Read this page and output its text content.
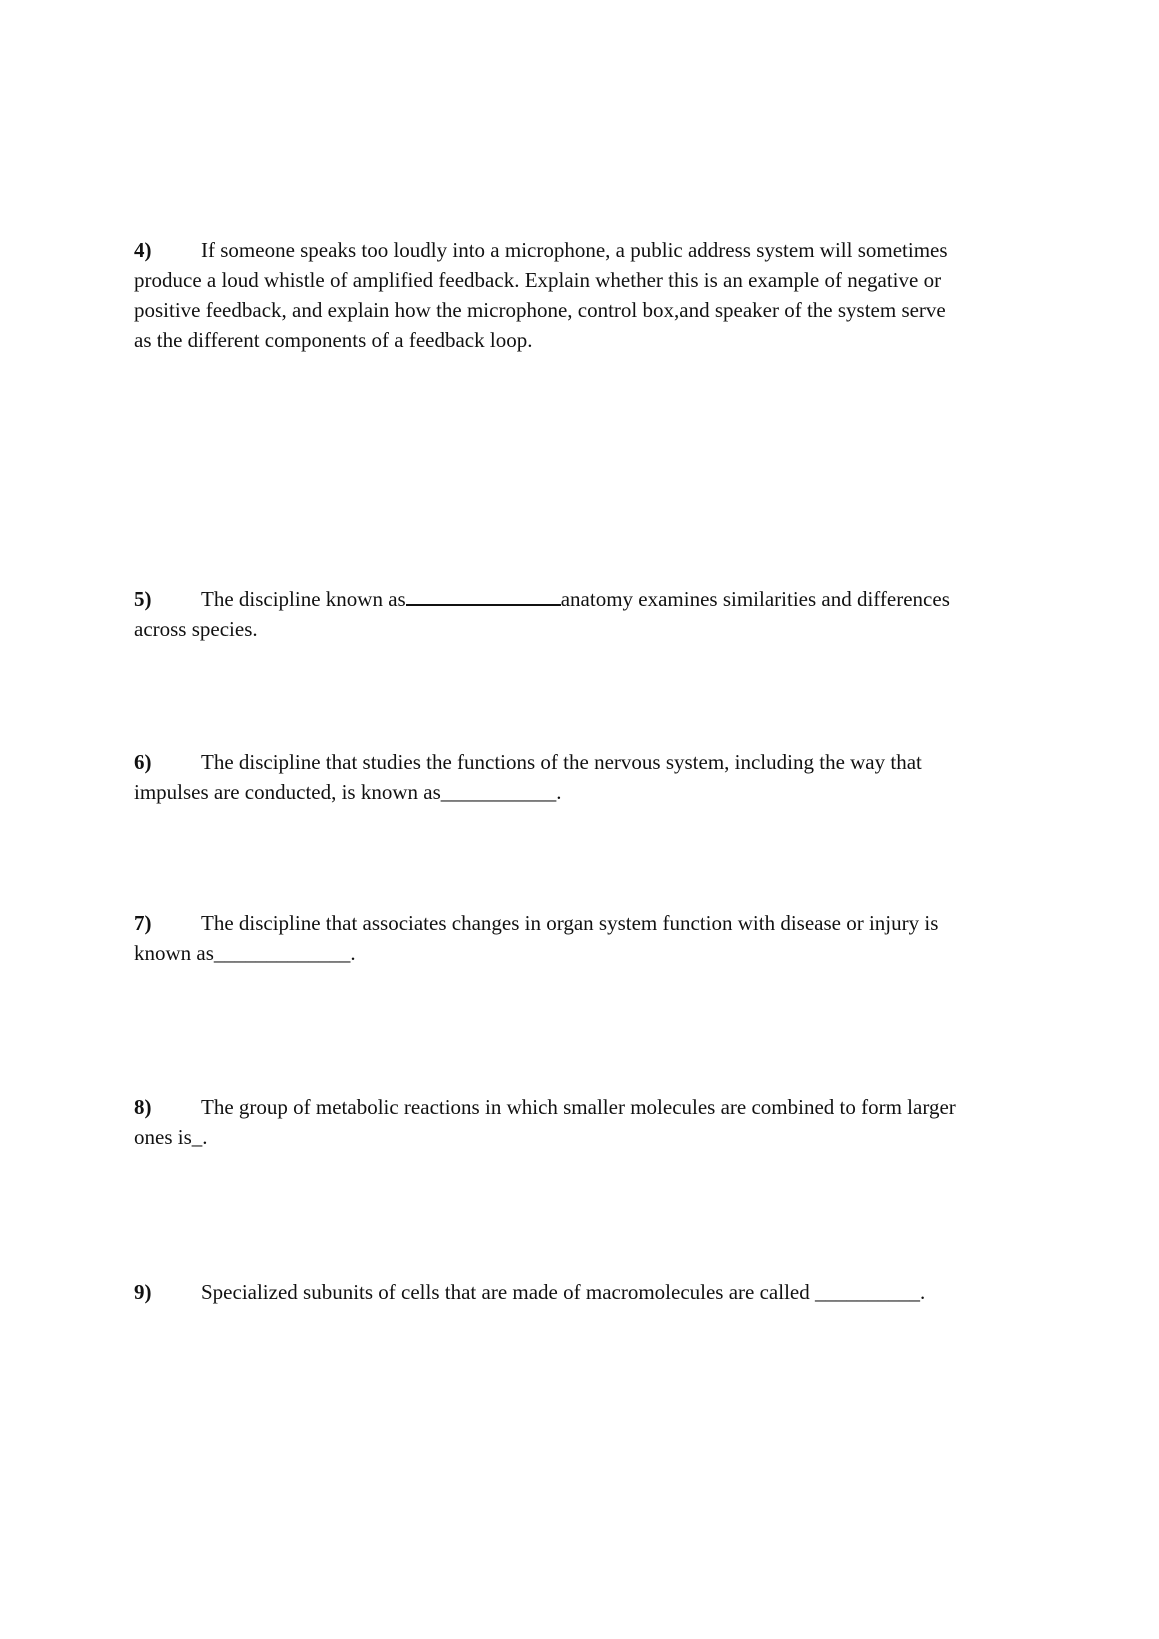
4) If someone speaks too loudly into a microphone, a public address system will sometimes
produce a loud whistle of amplified feedback. Explain whether this is an example of negative or
positive feedback, and explain how the microphone, control box,and speaker of the system serve
as the different components of a feedback loop.
5) The discipline known as	anatomy examines similarities and differences
across species.
6) The discipline that studies the functions of the nervous system, including the way that
impulses are conducted, is known as___________.
7) The discipline that associates changes in organ system function with disease or injury is
known as_____________.
8) The group of metabolic reactions in which smaller molecules are combined to form larger
ones is_.
9) Specialized subunits of cells that are made of macromolecules are called __________.
